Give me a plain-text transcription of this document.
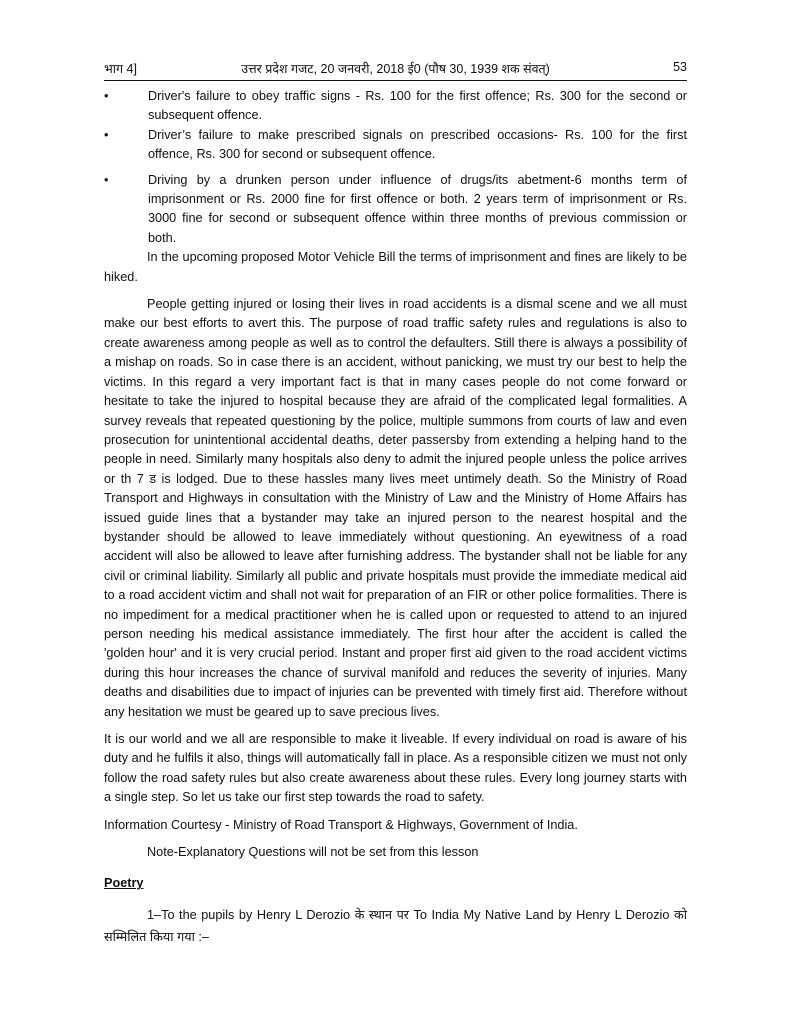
भाग 4]	उत्तर प्रदेश गजट, 20 जनवरी, 2018 ई0 (पौष 30, 1939 शक संवत्)	53
•	Driver's failure to obey traffic signs - Rs. 100 for the first offence; Rs. 300 for the second or subsequent offence.
•	Driver’s failure to make prescribed signals on prescribed occasions- Rs. 100 for the first offence, Rs. 300 for second or subsequent offence.
•	Driving by a drunken person under influence of drugs/its abetment-6 months term of imprisonment or Rs. 2000 fine for first offence or both. 2 years term of imprisonment or Rs. 3000 fine for second or subsequent offence within three months of previous commission or both.

In the upcoming proposed Motor Vehicle Bill the terms of imprisonment and fines are likely to be hiked.

People getting injured or losing their lives in road accidents is a dismal scene and we all must make our best efforts to avert this. The purpose of road traffic safety rules and regulations is also to create awareness among people as well as to control the defaulters. Still there is always a possibility of a mishap on roads. So in case there is an accident, without panicking, we must try our best to help the victims. In this regard a very important fact is that in many cases people do not come forward or hesitate to take the injured to hospital because they are afraid of the complicated legal formalities. A survey reveals that repeated questioning by the police, multiple summons from courts of law and even prosecution for unintentional accidental deaths, deter passersby from extending a helping hand to the people in need. Similarly many hospitals also deny to admit the injured people unless the police arrives or th 7 ड is lodged. Due to these hassles many lives meet untimely death. So the Ministry of Road Transport and Highways in consultation with the Ministry of Law and the Ministry of Home Affairs has issued guide lines that a bystander may take an injured person to the nearest hospital and the bystander should be allowed to leave immediately without questioning. An eyewitness of a road accident will also be allowed to leave after furnishing address. The bystander shall not be liable for any civil or criminal liability. Similarly all public and private hospitals must provide the immediate medical aid to a road accident victim and shall not wait for preparation of an FIR or other police formalities. There is no impediment for a medical practitioner when he is called upon or requested to attend to an injured person needing his medical assistance immediately. The first hour after the accident is called the 'golden hour' and it is very crucial period. Instant and proper first aid given to the road accident victims during this hour increases the chance of survival manifold and reduces the severity of injuries. Many deaths and disabilities due to impact of injuries can be prevented with timely first aid. Therefore without any hesitation we must be geared up to save precious lives.

It is our world and we all are responsible to make it liveable. If every individual on road is aware of his duty and he fulfils it also, things will automatically fall in place. As a responsible citizen we must not only follow the road safety rules but also create awareness about these rules. Every long journey starts with a single step. So let us take our first step towards the road to safety.

Information Courtesy - Ministry of Road Transport & Highways, Government of India.

Note-Explanatory Questions will not be set from this lesson

Poetry

1–To the pupils by Henry L Derozio के स्थान पर To India My Native Land by Henry L Derozio को सम्मिलित किया गया :–
